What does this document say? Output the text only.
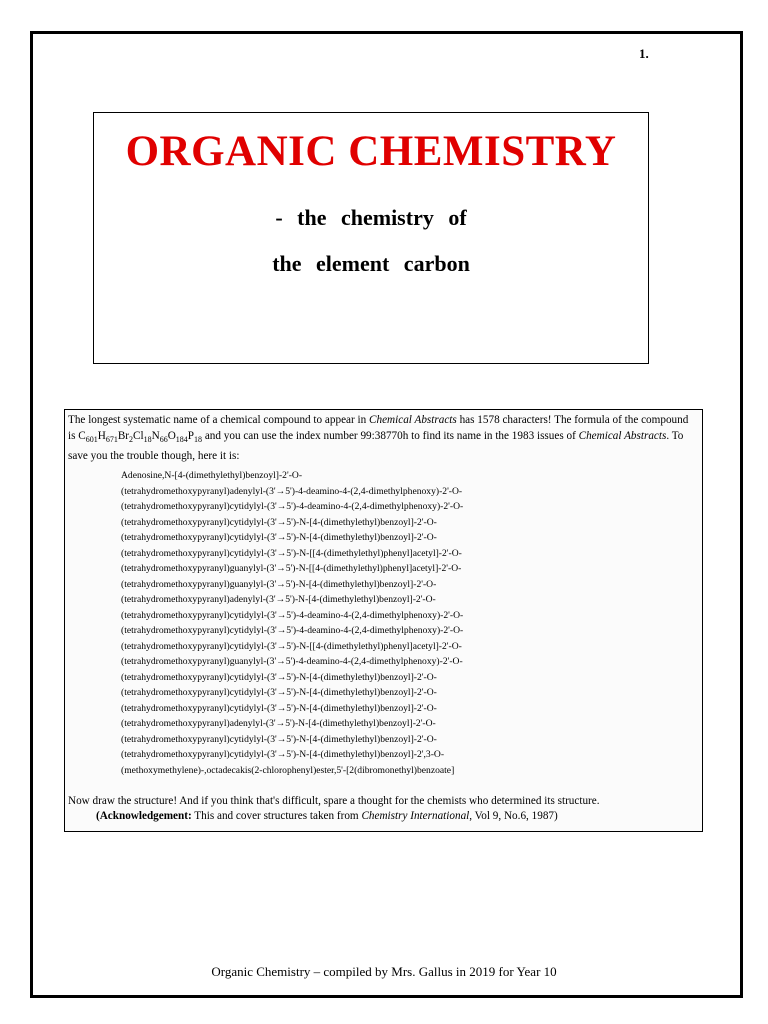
1.
ORGANIC CHEMISTRY

- the chemistry of

the element carbon

The longest systematic name of a chemical compound to appear in Chemical Abstracts has 1578 characters! The formula of the compound is $C_{601}H_{671}Br_2Cl_{18}N_{66}O_{184}P_{18}$ and you can use the index number 99:38770h to find its name in the 1983 issues of Chemical Abstracts. To save you the trouble though, here it is:

Adenosine,N-[4-(dimethylethyl)benzoyl]-2'-O-
(tetrahydromethoxypyranyl)adenylyl-(3'→5')-4-deamino-4-(2,4-dimethylphenoxy)-2'-O-
(tetrahydromethoxypyranyl)cytidylyl-(3'→5')-4-deamino-4-(2,4-dimethylphenoxy)-2'-O-
(tetrahydromethoxypyranyl)cytidylyl-(3'→5')-N-[4-(dimethylethyl)benzoyl]-2'-O-
(tetrahydromethoxypyranyl)cytidylyl-(3'→5')-N-[4-(dimethylethyl)benzoyl]-2'-O-
(tetrahydromethoxypyranyl)cytidylyl-(3'→5')-N-[[4-(dimethylethyl)phenyl]acetyl]-2'-O-
(tetrahydromethoxypyranyl)guanylyl-(3'→5')-N-[[4-(dimethylethyl)phenyl]acetyl]-2'-O-
(tetrahydromethoxypyranyl)guanylyl-(3'→5')-N-[4-(dimethylethyl)benzoyl]-2'-O-
(tetrahydromethoxypyranyl)adenylyl-(3'→5')-N-[4-(dimethylethyl)benzoyl]-2'-O-
(tetrahydromethoxypyranyl)cytidylyl-(3'→5')-4-deamino-4-(2,4-dimethylphenoxy)-2'-O-
(tetrahydromethoxypyranyl)cytidylyl-(3'→5')-4-deamino-4-(2,4-dimethylphenoxy)-2'-O-
(tetrahydromethoxypyranyl)cytidylyl-(3'→5')-N-[[4-(dimethylethyl)phenyl]acetyl]-2'-O-
(tetrahydromethoxypyranyl)guanylyl-(3'→5')-4-deamino-4-(2,4-dimethylphenoxy)-2'-O-
(tetrahydromethoxypyranyl)cytidylyl-(3'→5')-N-[4-(dimethylethyl)benzoyl]-2'-O-
(tetrahydromethoxypyranyl)cytidylyl-(3'→5')-N-[4-(dimethylethyl)benzoyl]-2'-O-
(tetrahydromethoxypyranyl)cytidylyl-(3'→5')-N-[4-(dimethylethyl)benzoyl]-2'-O-
(tetrahydromethoxypyranyl)adenylyl-(3'→5')-N-[4-(dimethylethyl)benzoyl]-2'-O-
(tetrahydromethoxypyranyl)cytidylyl-(3'→5')-N-[4-(dimethylethyl)benzoyl]-2'-O-
(tetrahydromethoxypyranyl)cytidylyl-(3'→5')-N-[4-(dimethylethyl)benzoyl]-2',3-O-
(methoxymethylene)-,octadecakis(2-chlorophenyl)ester,5'-[2(dibromonethyl)benzoate]

Now draw the structure! And if you think that's difficult, spare a thought for the chemists who determined its structure.
(Acknowledgement: This and cover structures taken from Chemistry International, Vol 9, No.6, 1987)

Organic Chemistry – compiled by Mrs. Gallus in 2019 for Year 10
